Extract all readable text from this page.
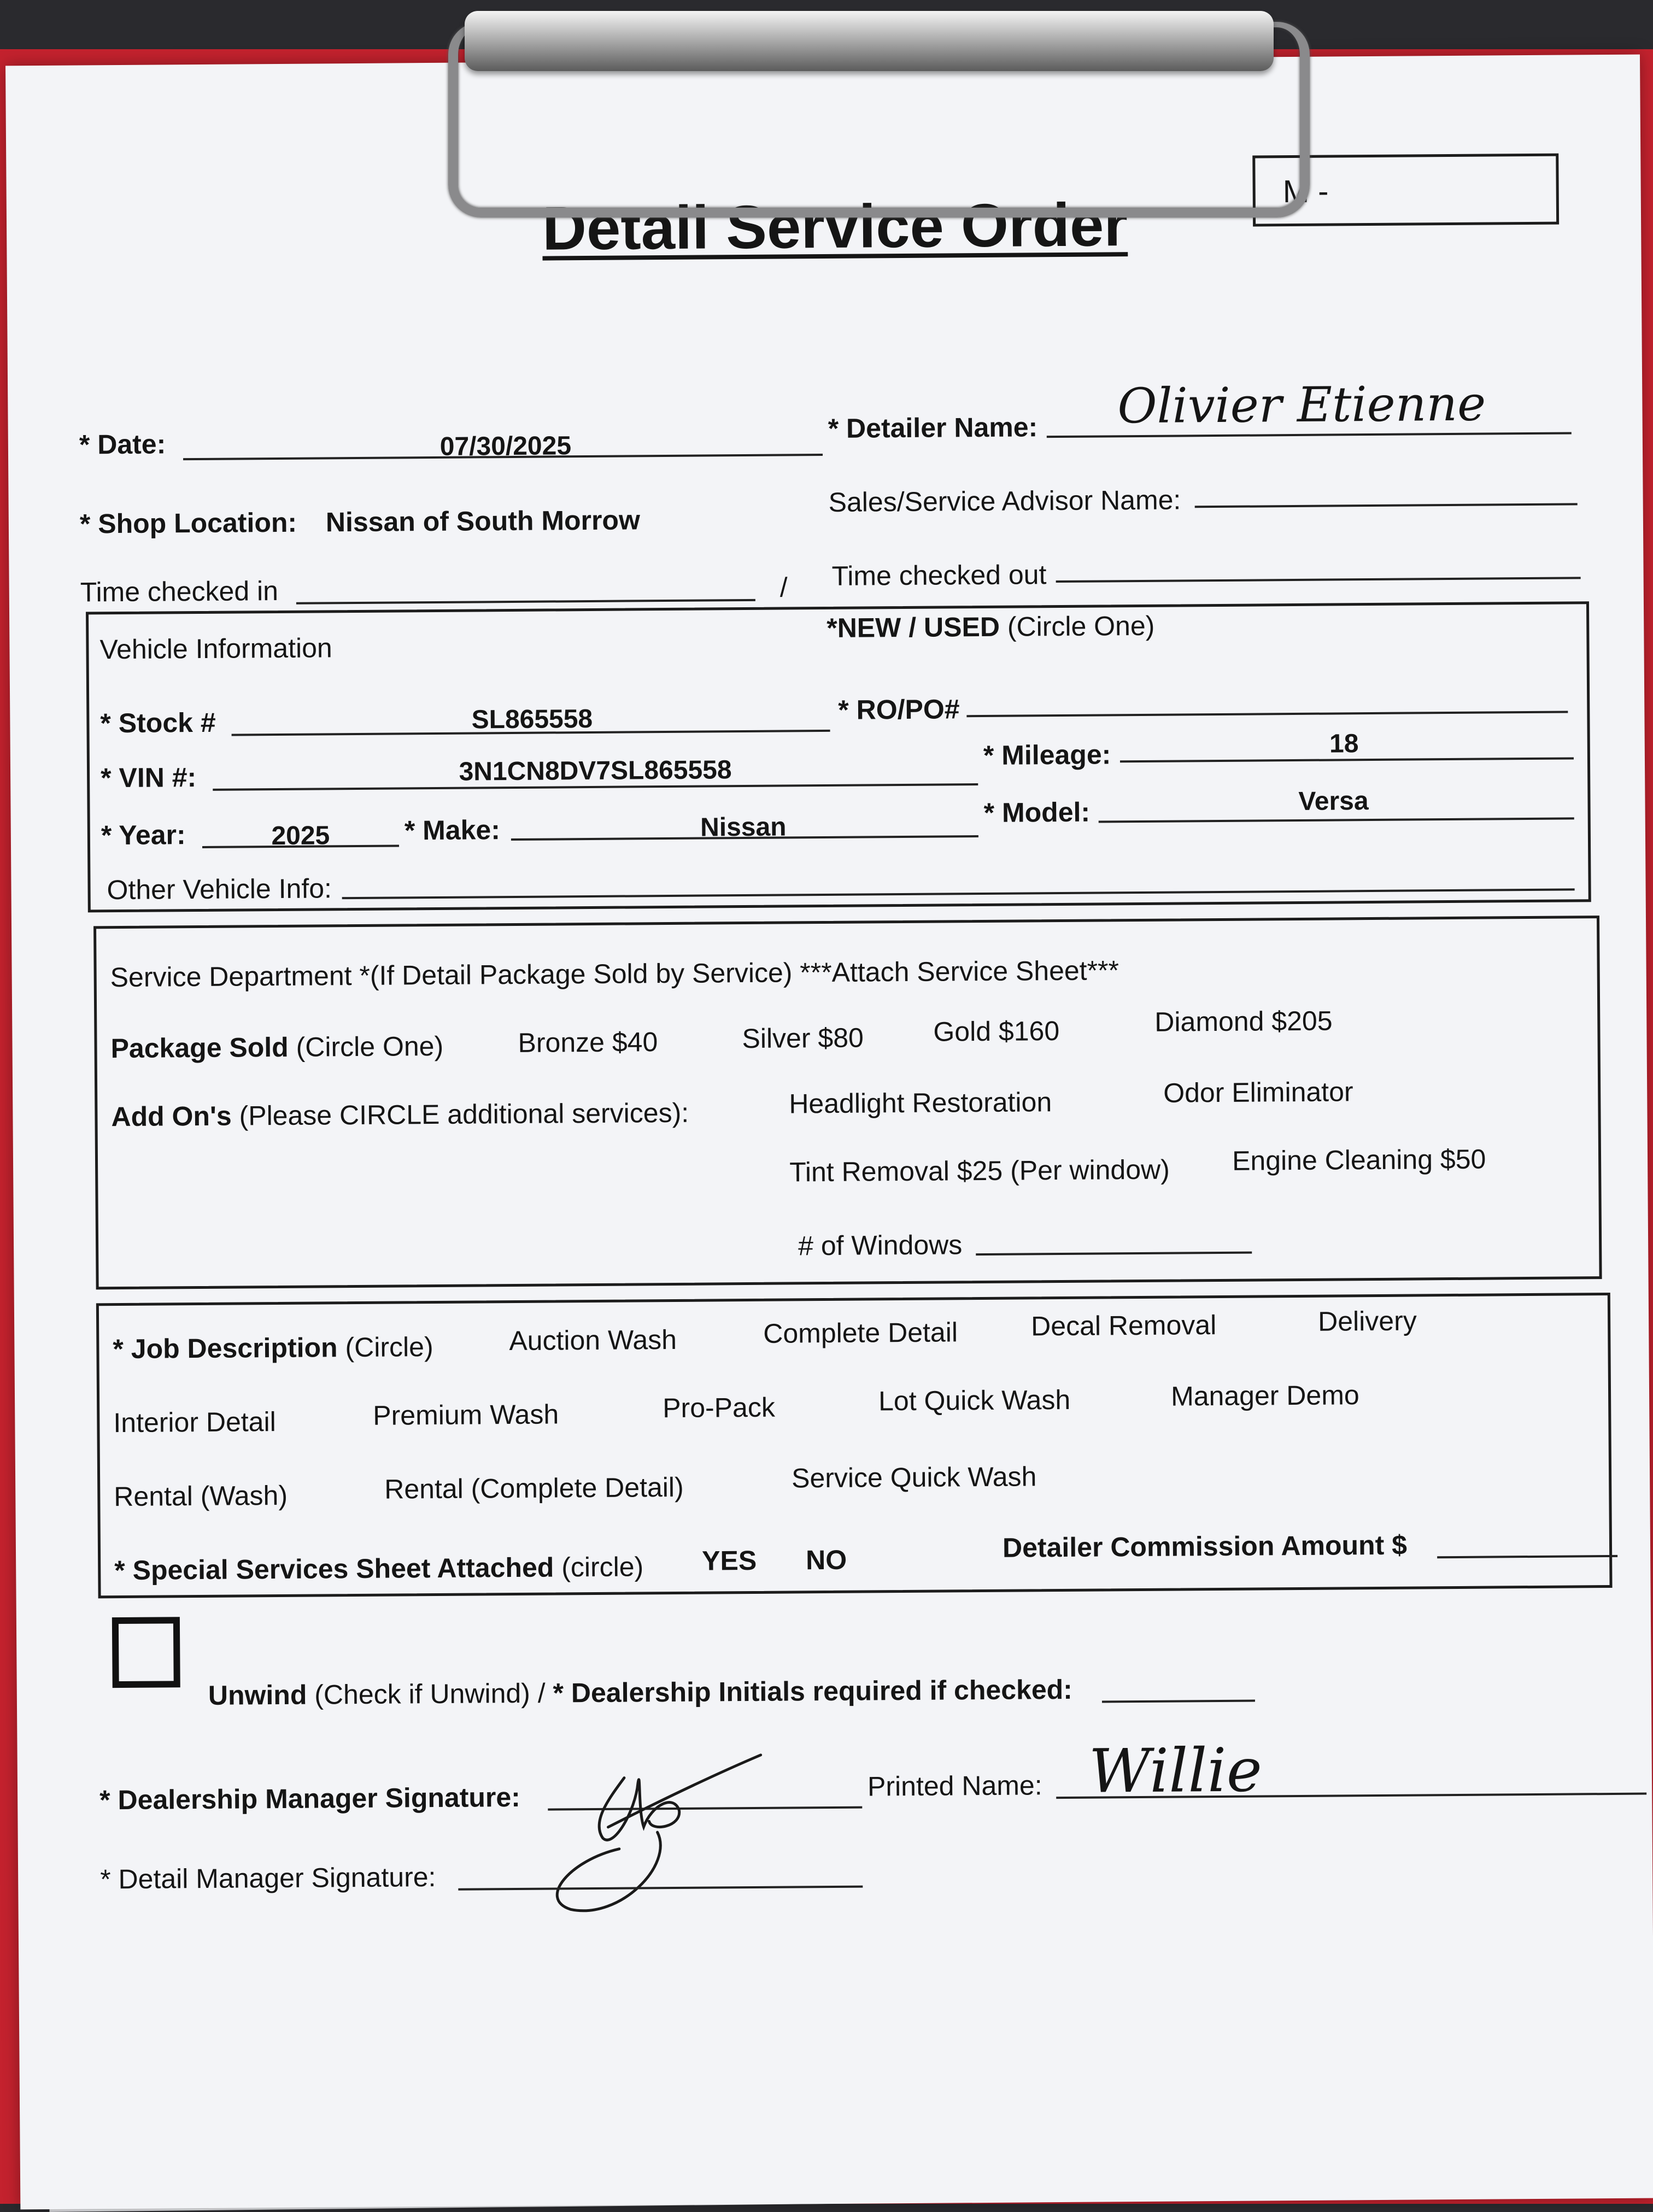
Detail Service Order	M -
* Date:	07/30/2025
* Detailer Name: Olivier Etienne
* Shop Location: Nissan of South Morrow
Sales/Service Advisor Name:
Time checked in	/ Time checked out
Vehicle Information
*NEW / USED (Circle One)
* Stock #	SL865558	* RO/PO#
* VIN #:	3N1CN8DV7SL865558
* Mileage:	18
* Year:	2025	* Make:	Nissan	* Model:	Versa
Other Vehicle Info:
Service Department *(If Detail Package Sold by Service) ***Attach Service Sheet***
Package Sold (Circle One)	Bronze $40	Silver $80	Gold $160	Diamond $205
Add On's (Please CIRCLE additional services):	Headlight Restoration	Odor Eliminator
Tint Removal $25 (Per window) Engine Cleaning $50
# of Windows
* Job Description (Circle)	Auction Wash	Complete Detail	Decal Removal	Delivery
Interior Detail	Premium Wash	Pro-Pack	Lot Quick Wash	Manager Demo
Rental (Wash)	Rental (Complete Detail)	Service Quick Wash
* Special Services Sheet Attached (circle) YES NO	Detailer Commission Amount $
Unwind (Check if Unwind) / * Dealership Initials required if checked:
* Dealership Manager Signature:	Printed Name: Willie
* Detail Manager Signature:
